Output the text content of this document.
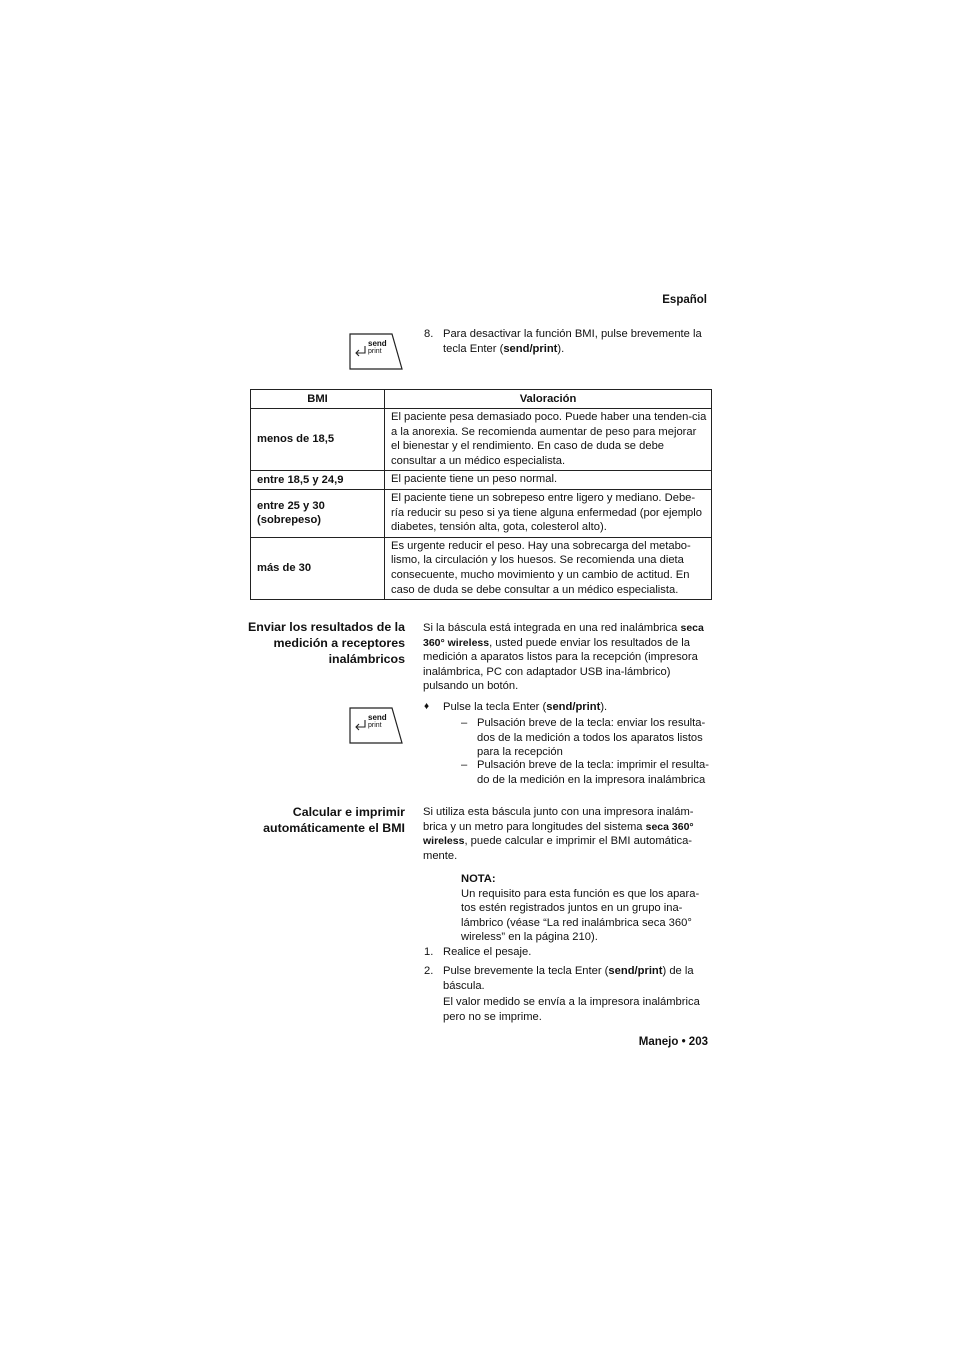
Español
send
print
8. Para desactivar la función BMI, pulse brevemente la tecla Enter (send/print).
BMI	Valoración
menos de 18,5	El paciente pesa demasiado poco. Puede haber una tenden-cia a la anorexia. Se recomienda aumentar de peso para mejorar el bienestar y el rendimiento. En caso de duda se debe consultar a un médico especialista.
entre 18,5 y 24,9	El paciente tiene un peso normal.
entre 25 y 30 (sobrepeso)	El paciente tiene un sobrepeso entre ligero y mediano. Debe-ría reducir su peso si ya tiene alguna enfermedad (por ejemplo diabetes, tensión alta, gota, colesterol alto).
más de 30	Es urgente reducir el peso. Hay una sobrecarga del metabo-lismo, la circulación y los huesos. Se recomienda una dieta consecuente, mucho movimiento y un cambio de actitud. En caso de duda se debe consultar a un médico especialista.
Enviar los resultados de la medición a receptores inalámbricos
Si la báscula está integrada en una red inalámbrica seca 360° wireless, usted puede enviar los resultados de la medición a aparatos listos para la recepción (impresora inalámbrica, PC con adaptador USB ina-lámbrico) pulsando un botón.
send
print
♦ Pulse la tecla Enter (send/print).
– Pulsación breve de la tecla: enviar los resulta-dos de la medición a todos los aparatos listos para la recepción
– Pulsación breve de la tecla: imprimir el resulta-do de la medición en la impresora inalámbrica
Calcular e imprimir automáticamente el BMI
Si utiliza esta báscula junto con una impresora inalám-brica y un metro para longitudes del sistema seca 360° wireless, puede calcular e imprimir el BMI automática-mente.
NOTA:
Un requisito para esta función es que los apara-tos estén registrados juntos en un grupo ina-lámbrico (véase “La red inalámbrica seca 360° wireless” en la página 210).
1. Realice el pesaje.
2. Pulse brevemente la tecla Enter (send/print) de la báscula.
El valor medido se envía a la impresora inalámbrica pero no se imprime.
Manejo • 203
